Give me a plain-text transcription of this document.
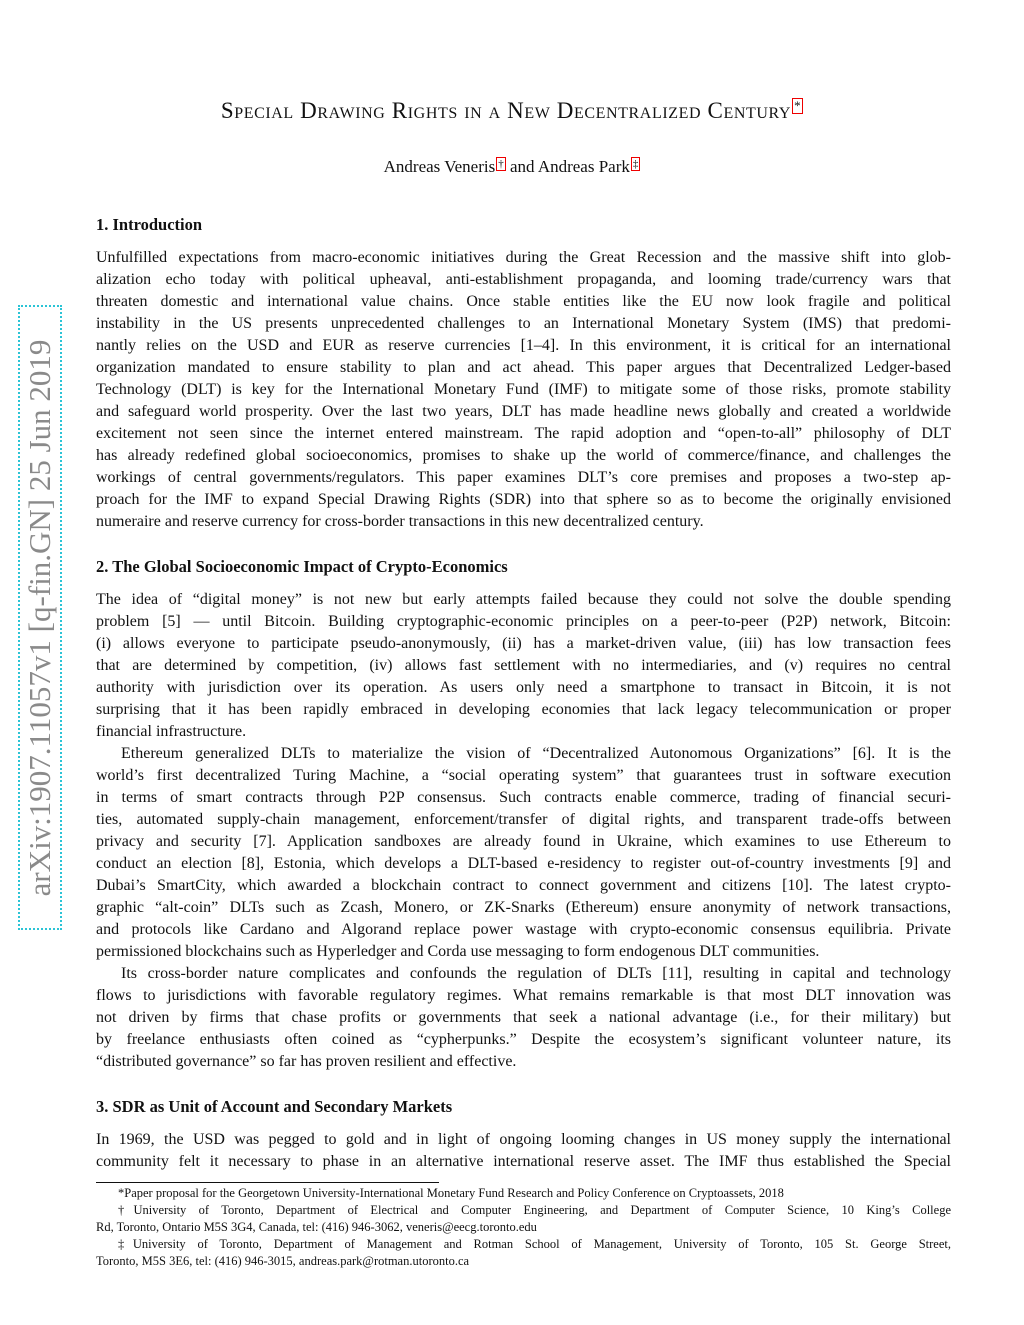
arXiv:1907.11057v1 [q-fin.GN] 25 Jun 2019
Special Drawing Rights in a New Decentralized Century *
Andreas Veneris † and Andreas Park ‡
1. Introduction
Unfulfilled expectations from macro-economic initiatives during the Great Recession and the massive shift into glob-
alization echo today with political upheaval, anti-establishment propaganda, and looming trade/currency wars that
threaten domestic and international value chains. Once stable entities like the EU now look fragile and political
instability in the US presents unprecedented challenges to an International Monetary System (IMS) that predomi-
nantly relies on the USD and EUR as reserve currencies [1–4]. In this environment, it is critical for an international
organization mandated to ensure stability to plan and act ahead. This paper argues that Decentralized Ledger-based
Technology (DLT) is key for the International Monetary Fund (IMF) to mitigate some of those risks, promote stability
and safeguard world prosperity. Over the last two years, DLT has made headline news globally and created a worldwide
excitement not seen since the internet entered mainstream. The rapid adoption and “open-to-all” philosophy of DLT
has already redefined global socioeconomics, promises to shake up the world of commerce/finance, and challenges the
workings of central governments/regulators. This paper examines DLT’s core premises and proposes a two-step ap-
proach for the IMF to expand Special Drawing Rights (SDR) into that sphere so as to become the originally envisioned
numeraire and reserve currency for cross-border transactions in this new decentralized century.
2. The Global Socioeconomic Impact of Crypto-Economics
The idea of “digital money” is not new but early attempts failed because they could not solve the double spending
problem [5] — until Bitcoin. Building cryptographic-economic principles on a peer-to-peer (P2P) network, Bitcoin:
(i) allows everyone to participate pseudo-anonymously, (ii) has a market-driven value, (iii) has low transaction fees
that are determined by competition, (iv) allows fast settlement with no intermediaries, and (v) requires no central
authority with jurisdiction over its operation. As users only need a smartphone to transact in Bitcoin, it is not
surprising that it has been rapidly embraced in developing economies that lack legacy telecommunication or proper
financial infrastructure.
Ethereum generalized DLTs to materialize the vision of “Decentralized Autonomous Organizations” [6]. It is the
world’s first decentralized Turing Machine, a “social operating system” that guarantees trust in software execution
in terms of smart contracts through P2P consensus. Such contracts enable commerce, trading of financial securi-
ties, automated supply-chain management, enforcement/transfer of digital rights, and transparent trade-offs between
privacy and security [7]. Application sandboxes are already found in Ukraine, which examines to use Ethereum to
conduct an election [8], Estonia, which develops a DLT-based e-residency to register out-of-country investments [9] and
Dubai’s SmartCity, which awarded a blockchain contract to connect government and citizens [10]. The latest crypto-
graphic “alt-coin” DLTs such as Zcash, Monero, or ZK-Snarks (Ethereum) ensure anonymity of network transactions,
and protocols like Cardano and Algorand replace power wastage with crypto-economic consensus equilibria. Private
permissioned blockchains such as Hyperledger and Corda use messaging to form endogenous DLT communities.
Its cross-border nature complicates and confounds the regulation of DLTs [11], resulting in capital and technology
flows to jurisdictions with favorable regulatory regimes. What remains remarkable is that most DLT innovation was
not driven by firms that chase profits or governments that seek a national advantage (i.e., for their military) but
by freelance enthusiasts often coined as “cypherpunks.” Despite the ecosystem’s significant volunteer nature, its
“distributed governance” so far has proven resilient and effective.
3. SDR as Unit of Account and Secondary Markets
In 1969, the USD was pegged to gold and in light of ongoing looming changes in US money supply the international
community felt it necessary to phase in an alternative international reserve asset. The IMF thus established the Special
*Paper proposal for the Georgetown University-International Monetary Fund Research and Policy Conference on Cryptoassets, 2018
†University of Toronto, Department of Electrical and Computer Engineering, and Department of Computer Science, 10 King’s College
Rd, Toronto, Ontario M5S 3G4, Canada, tel: (416) 946-3062, veneris@eecg.toronto.edu
‡University of Toronto, Department of Management and Rotman School of Management, University of Toronto, 105 St. George Street,
Toronto, M5S 3E6, tel: (416) 946-3015, andreas.park@rotman.utoronto.ca
